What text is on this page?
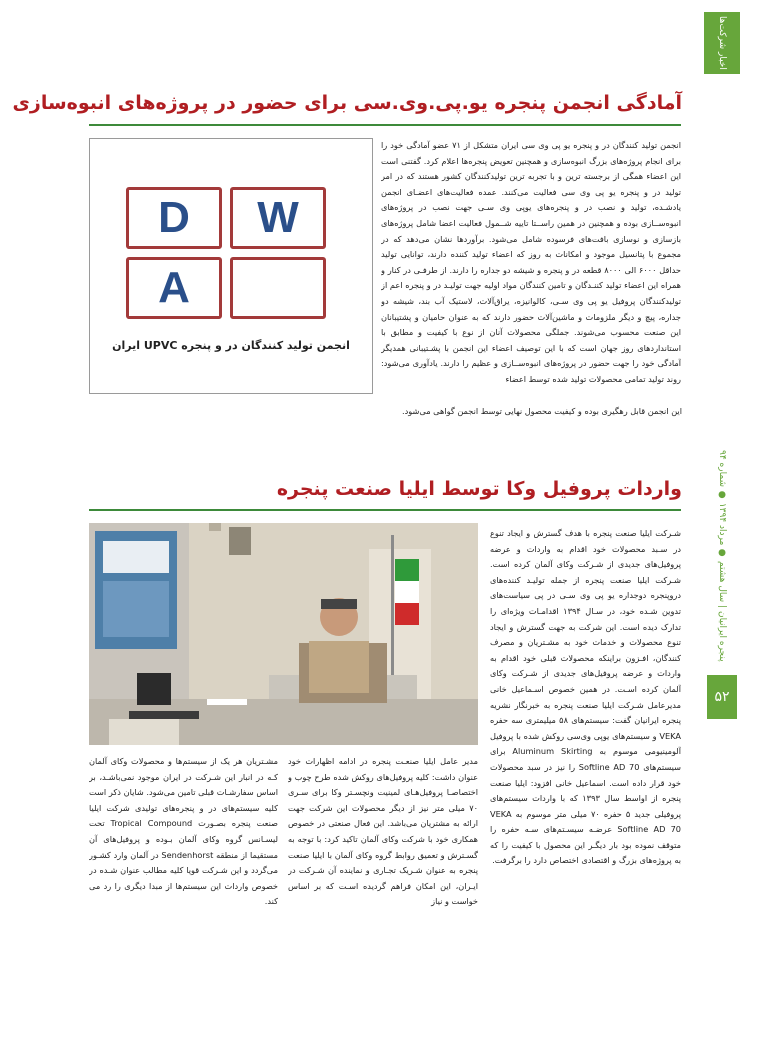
اخبار شرکت‌ها
پنجره ایرانیان | سال هشتم ● مرداد ۱۳۹۴ ● شماره ۹۴
۵۲
آمادگی انجمن پنجره یو.پی.وی.سی برای حضور در پروژه‌های انبوه‌سازی
D	W
A
انجمن تولید کنندگان در و پنجره UPVC ایران
انجمن تولید کنندگان در و پنجره یو پی وی سی ایران متشکل از ۷۱ عضو آمادگی خود را برای انجام پروژه‌های بزرگ انبوه‌سازی و همچنین تعویض پنجره‌ها اعلام کرد. گفتنی است این اعضاء همگی از برجسته ترین و با تجربه ترین تولیدکنندگان کشور هستند که در امر تولید در و پنجره یو پی وی سی فعالیت می‌کنند. عمده فعالیت‌های اعضـای انجمن یادشـده، تولید و نصب در و پنجره‌های یوپی وی سـی جهت نصب در پروژه‌های انبوه‌ســازی بوده و همچنین در همین راســتا تاییه شــمول فعالیت اعضا شامل پروژه‌های بازسازی و نوسازی بافت‌های فرسوده شامل می‌شود. برآوردها نشان می‌دهد که در مجموع با پتانسیل موجود و امکانات به روز که اعضاء تولید کننده دارند، توانایی تولید حداقل ۶۰۰۰ الی ۸۰۰۰ قطعه در و پنجره و شیشه دو جداره را دارند. از طرفـی در کنار و همراه این اعضاء تولید کننـدگان و تامین کنندگان مواد اولیه جهت تولیـد در و پنجره اعم از تولیدکنندگان پروفیل یو پی وی سـی، کالوانیزه، یراق‌آلات، لاستیک آب بند، شیشه دو جداره، پیچ و دیگر ملزومات و ماشین‌آلات حضور دارند که به عنوان حامیان و پشتیبانان این صنعت محسوب می‌شوند. جملگی محصولات آنان از نوع با کیفیت و مطابق با استانداردهای روز جهان است که با این توصیف اعضاء این انجمن با پشـتیبانی همدیگر آمادگی خود را جهت حضور در پروژه‌های انبوه‌ســازی و عظیم را دارند. یادآوری می‌شود: روند تولید تمامی محصولات تولید شده توسط اعضاء
این انجمن قابل رهگیری بوده و کیفیت محصول نهایی توسط انجمن گواهی می‌شود.
واردات پروفیل وکا توسط ایلیا صنعت پنجره
شـرکت ایلیا صنعت پنجره با هدف گسترش و ایجاد تنوع در سـبد محصولات خود اقدام به واردات و عرضه پروفیل‌های جدیدی از شـرکت وکای آلمان کرده است. شـرکت ایلیا صنعت پنجره از جمله تولیـد کننده‌های درو‌پنجره دوجداره یو پی وی سـی در پی سیاست‌های تدوین شـده خود، در سـال ۱۳۹۴ اقدامـات ویژه‌ای را تدارک دیده است. این شرکت به جهت گسترش و ایجاد تنوع محصولات و خدمات خود به مشـتریان و مصرف کنندگان، افـزون براینکه محصولات قبلی خود اقدام به واردات و عرضه پروفیل‌های جدیدی از شـرکت وکای آلمان کرده اسـت. در همین خصوص اسـماعیل خانی مدیرعامل شـرکت ایلیا صنعت پنجره به خبرنگار نشریه پنجره ایرانیان گفت: سیستم‌های ۵۸ میلیمتری سه حفره VEKA و سیستم‌های یوپی وی‌سی روکش شده با پروفیل آلومینیومی موسوم به Aluminum Skirting برای سیستم‌های Softline AD 70 را نیز در سبد محصولات خود قرار داده است. اسماعیل خانی افزود: ایلیا صنعت پنجره از اواسط سال ۱۳۹۳ که با واردات سیستم‌های پروفیلی جدید ۵ حفره ۷۰ میلی متر موسوم به VEKA Softline AD 70 عرضـه سیسـتم‌های سـه حفره را متوقف نموده بود بار دیگـر این محصول با کیفیت را که به پروژه‌های بزرگ و اقتصادی اختصاص دارد را برگرفت.
مدیر عامل ایلیا صنعـت پنجره در ادامه اظهارات خود عنوان داشت: کلیه پروفیل‌های روکش شده طرح چوب و اختصاصـا پروفیل‌هـای لمینیت ونچسـتر وکا برای سـری ۷۰ میلی متر نیز از دیگر محصولات این شرکت جهت ارائه به مشتریان می‌باشد. این فعال صنعتی در خصوص همکاری خود با شرکت وکای آلمان تاکید کرد: با توجه به گسـترش و تعمیق روابط گروه وکای آلمان با ایلیا صنعت پنجره به عنوان شـریک تجـاری و نماینده آن شـرکت در ایـران، این امکان فراهم گردیده اسـت که بر اساس خواست و نیاز
مشـتریان هر یک از سیستم‌ها و محصولات وکای آلمان کـه در انبار این شـرکت در ایران موجود نمی‌باشـد، بر اساس سفارشـات قبلی تامین می‌شود. شایان ذکر است کلیه سیستم‌های در و پنجره‌های تولیدی شرکت ایلیا صنعت پنجره بصـورت Tropical Compound تحت لیسـانس گروه وکای آلمان بـوده و پروفیل‌های آن مستقیما از منطقه Sendenhorst در آلمان وارد کشـور می‌گردد و این شـرکت قویا کلیه مطالب عنوان شـده در خصوص واردات این سیستم‌ها از مبدا دیگری را رد می کند.
